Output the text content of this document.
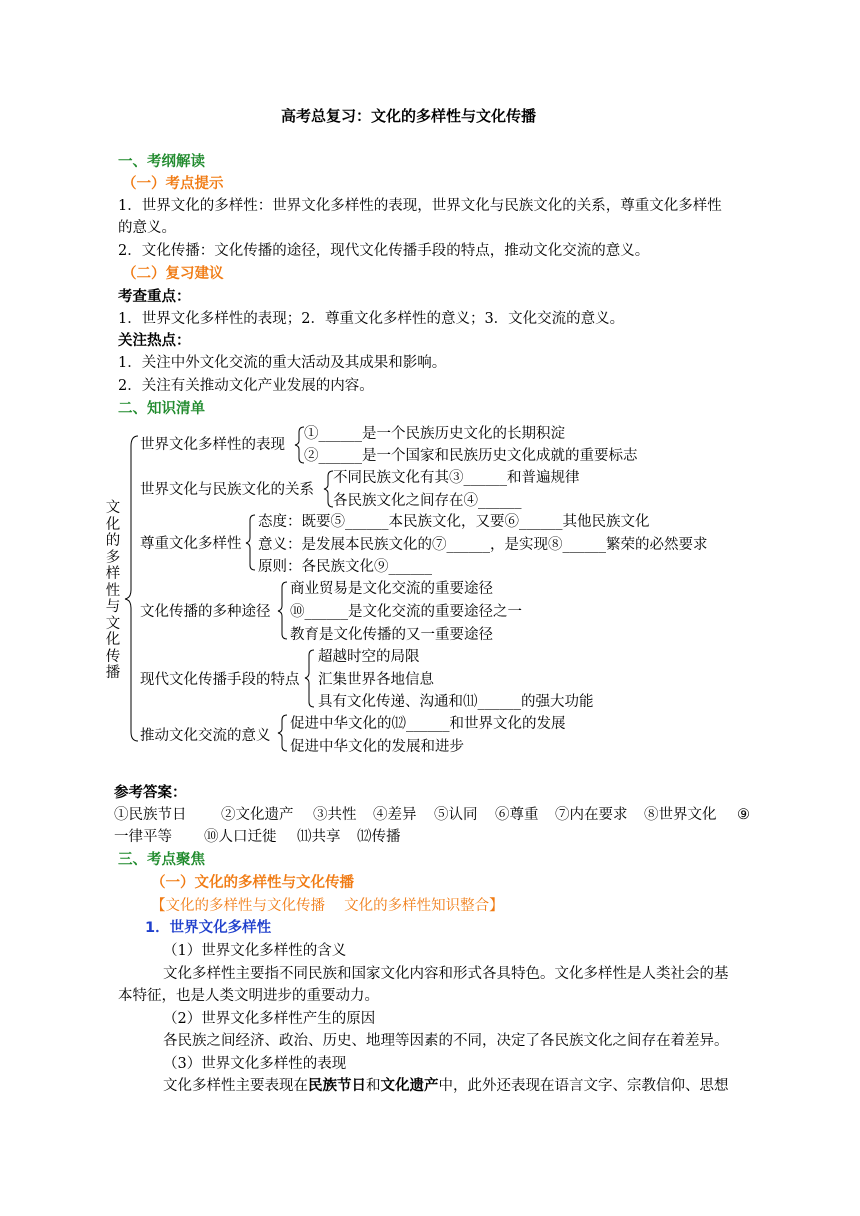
高考总复习：文化的多样性与文化传播
一、考纲解读
（一）考点提示
1．世界文化的多样性：世界文化多样性的表现，世界文化与民族文化的关系，尊重文化多样性
的意义。
2．文化传播：文化传播的途径，现代文化传播手段的特点，推动文化交流的意义。
（二）复习建议
考查重点：
1．世界文化多样性的表现；2．尊重文化多样性的意义；3．文化交流的意义。
关注热点：
1．关注中外文化交流的重大活动及其成果和影响。
2．关注有关推动文化产业发展的内容。
二、知识清单
文化的多样性与文化传播
世界文化多样性的表现
①______是一个民族历史文化的长期积淀
②______是一个国家和民族历史文化成就的重要标志
世界文化与民族文化的关系
不同民族文化有其③______和普遍规律
各民族文化之间存在④______
尊重文化多样性
态度：既要⑤______本民族文化，又要⑥______其他民族文化
意义：是发展本民族文化的⑦______，是实现⑧______繁荣的必然要求
原则：各民族文化⑨______
文化传播的多种途径
商业贸易是文化交流的重要途径
⑩______是文化交流的重要途径之一
教育是文化传播的又一重要途径
现代文化传播手段的特点
超越时空的局限
汇集世界各地信息
具有文化传递、沟通和⑾______的强大功能
推动文化交流的意义
促进中华文化的⑿______和世界文化的发展
促进中华文化的发展和进步
参考答案：
①民族节日 ②文化遗产 ③共性 ④差异 ⑤认同 ⑥尊重 ⑦内在要求 ⑧世界文化 ⑨
一律平等 ⑩人口迁徙 ⑾共享 ⑿传播
三、考点聚焦
（一）文化的多样性与文化传播
【文化的多样性与文化传播　 文化的多样性知识整合】
1．世界文化多样性
（1）世界文化多样性的含义
文化多样性主要指不同民族和国家文化内容和形式各具特色。文化多样性是人类社会的基
本特征，也是人类文明进步的重要动力。
（2）世界文化多样性产生的原因
各民族之间经济、政治、历史、地理等因素的不同，决定了各民族文化之间存在着差异。
（3）世界文化多样性的表现
文化多样性主要表现在民族节日和文化遗产中，此外还表现在语言文字、宗教信仰、思想
